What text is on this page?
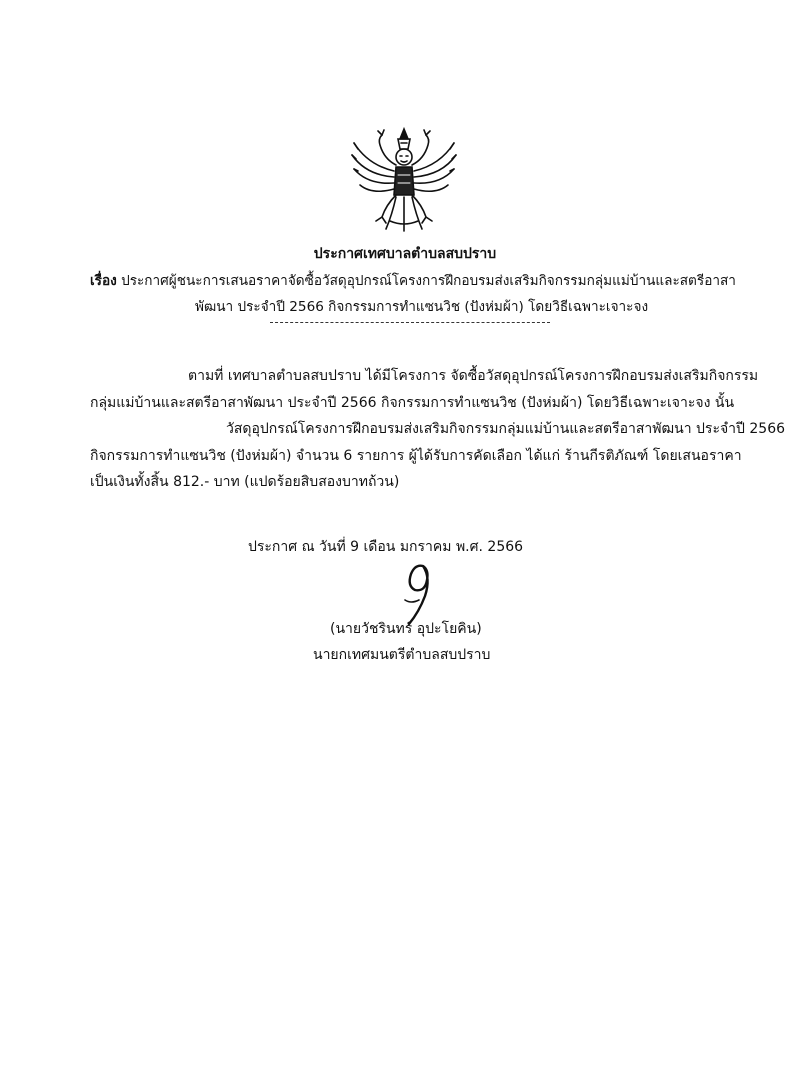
ประกาศเทศบาลตำบลสบปราบ
เรื่อง ประกาศผู้ชนะการเสนอราคาจัดซื้อวัสดุอุปกรณ์โครงการฝึกอบรมส่งเสริมกิจกรรมกลุ่มแม่บ้านและสตรีอาสา
พัฒนา ประจำปี 2566 กิจกรรมการทำแซนวิช (ปังห่มผ้า) โดยวิธีเฉพาะเจาะจง
ตามที่ เทศบาลตำบลสบปราบ ได้มีโครงการ จัดซื้อวัสดุอุปกรณ์โครงการฝึกอบรมส่งเสริมกิจกรรม
กลุ่มแม่บ้านและสตรีอาสาพัฒนา ประจำปี 2566 กิจกรรมการทำแซนวิช (ปังห่มผ้า) โดยวิธีเฉพาะเจาะจง นั้น
วัสดุอุปกรณ์โครงการฝึกอบรมส่งเสริมกิจกรรมกลุ่มแม่บ้านและสตรีอาสาพัฒนา ประจำปี 2566
กิจกรรมการทำแซนวิช (ปังห่มผ้า) จำนวน 6 รายการ ผู้ได้รับการคัดเลือก ได้แก่ ร้านกีรติภัณฑ์ โดยเสนอราคา
เป็นเงินทั้งสิ้น 812.- บาท (แปดร้อยสิบสองบาทถ้วน)
ประกาศ ณ วันที่ 9 เดือน มกราคม พ.ศ. 2566
(นายวัชรินทร์ อุปะโยคิน)
นายกเทศมนตรีตำบลสบปราบ
